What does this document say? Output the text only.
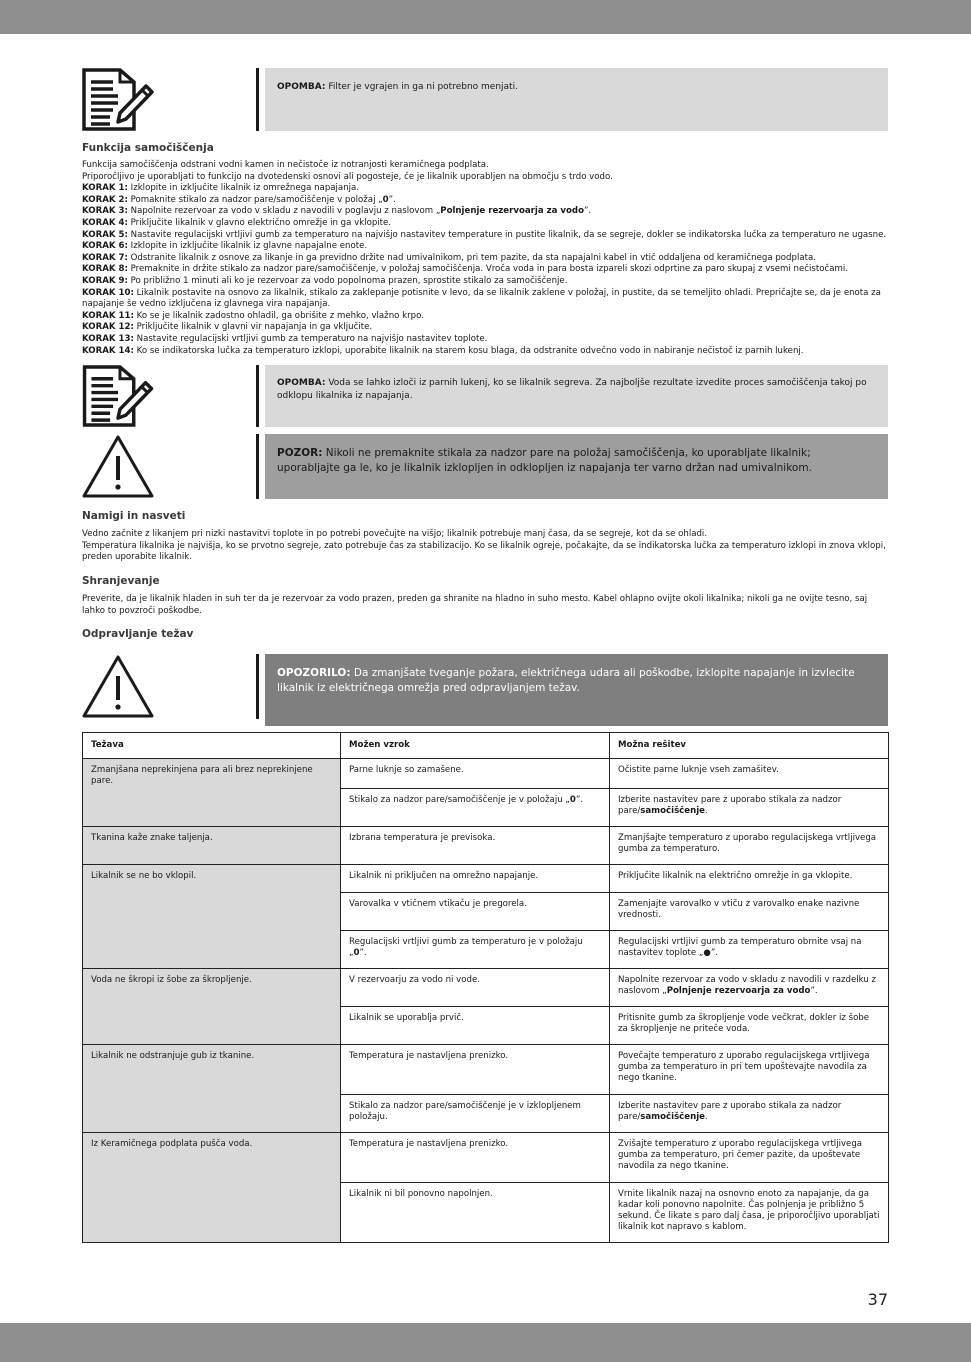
OPOMBA: Filter je vgrajen in ga ni potrebno menjati.
Funkcija samočiščenja
Funkcija samočiščenja odstrani vodni kamen in nečistoče iz notranjosti keramičnega podplata.
Priporočljivo je uporabljati to funkcijo na dvotedenski osnovi ali pogosteje, če je likalnik uporabljen na območju s trdo vodo.
KORAK 1: Izklopite in izključite likalnik iz omrežnega napajanja.
KORAK 2: Pomaknite stikalo za nadzor pare/samočiščenje v položaj „0”.
KORAK 3: Napolnite rezervoar za vodo v skladu z navodili v poglavju z naslovom „Polnjenje rezervoarja za vodo”.
KORAK 4: Priključite likalnik v glavno električno omrežje in ga vklopite.
KORAK 5: Nastavite regulacijski vrtljivi gumb za temperaturo na najvišjo nastavitev temperature in pustite likalnik, da se segreje, dokler se indikatorska lučka za temperaturo ne ugasne.
KORAK 6: Izklopite in izključite likalnik iz glavne napajalne enote.
KORAK 7: Odstranite likalnik z osnove za likanje in ga previdno držite nad umivalnikom, pri tem pazite, da sta napajalni kabel in vtič oddaljena od keramičnega podplata.
KORAK 8: Premaknite in držite stikalo za nadzor pare/samočiščenje, v položaj samočiščenja. Vroča voda in para bosta izpareli skozi odprtine za paro skupaj z vsemi nečistočami.
KORAK 9: Po približno 1 minuti ali ko je rezervoar za vodo popolnoma prazen, sprostite stikalo za samočiščenje.
KORAK 10: Likalnik postavite na osnovo za likalnik, stikalo za zaklepanje potisnite v levo, da se likalnik zaklene v položaj, in pustite, da se temeljito ohladi. Prepričajte se, da je enota za napajanje še vedno izključena iz glavnega vira napajanja.
KORAK 11: Ko se je likalnik zadostno ohladil, ga obrišite z mehko, vlažno krpo.
KORAK 12: Priključite likalnik v glavni vir napajanja in ga vključite.
KORAK 13: Nastavite regulacijski vrtljivi gumb za temperaturo na najvišjo nastavitev toplote.
KORAK 14: Ko se indikatorska lučka za temperaturo izklopi, uporabite likalnik na starem kosu blaga, da odstranite odvečno vodo in nabiranje nečistoč iz parnih lukenj.
OPOMBA: Voda se lahko izloči iz parnih lukenj, ko se likalnik segreva. Za najboljše rezultate izvedite proces samočiščenja takoj po odklopu likalnika iz napajanja.
POZOR: Nikoli ne premaknite stikala za nadzor pare na položaj samočiščenja, ko uporabljate likalnik; uporabljajte ga le, ko je likalnik izklopljen in odklopljen iz napajanja ter varno držan nad umivalnikom.
Namigi in nasveti
Vedno začnite z likanjem pri nizki nastavitvi toplote in po potrebi povečujte na višjo; likalnik potrebuje manj časa, da se segreje, kot da se ohladi.
Temperatura likalnika je najvišja, ko se prvotno segreje, zato potrebuje čas za stabilizacijo. Ko se likalnik ogreje, počakajte, da se indikatorska lučka za temperaturo izklopi in znova vklopi, preden uporabite likalnik.
Shranjevanje
Preverite, da je likalnik hladen in suh ter da je rezervoar za vodo prazen, preden ga shranite na hladno in suho mesto. Kabel ohlapno ovijte okoli likalnika; nikoli ga ne ovijte tesno, saj lahko to povzroči poškodbe.
Odpravljanje težav
OPOZORILO: Da zmanjšate tveganje požara, električnega udara ali poškodbe, izklopite napajanje in izvlecite likalnik iz električnega omrežja pred odpravljanjem težav.
Težava	Možen vzrok	Možna rešitev
Zmanjšana neprekinjena para ali brez neprekinjene pare.	Parne luknje so zamašene.	Očistite parne luknje vseh zamašitev.
	Stikalo za nadzor pare/samočiščenje je v položaju „0”.	Izberite nastavitev pare z uporabo stikala za nadzor pare/samočiščenje.
Tkanina kaže znake taljenja.	Izbrana temperatura je previsoka.	Zmanjšajte temperaturo z uporabo regulacijskega vrtljivega gumba za temperaturo.
Likalnik se ne bo vklopil.	Likalnik ni priključen na omrežno napajanje.	Priključite likalnik na električno omrežje in ga vklopite.
	Varovalka v vtičnem vtikaču je pregorela.	Zamenjajte varovalko v vtiču z varovalko enake nazivne vrednosti.
	Regulacijski vrtljivi gumb za temperaturo je v položaju „0”.	Regulacijski vrtljivi gumb za temperaturo obrnite vsaj na nastavitev toplote „●”.
Voda ne škropi iz šobe za škropljenje.	V rezervoarju za vodo ni vode.	Napolnite rezervoar za vodo v skladu z navodili v razdelku z naslovom „Polnjenje rezervoarja za vodo”.
	Likalnik se uporablja prvič.	Pritisnite gumb za škropljenje vode večkrat, dokler iz šobe za škropljenje ne priteče voda.
Likalnik ne odstranjuje gub iz tkanine.	Temperatura je nastavljena prenizko.	Povečajte temperaturo z uporabo regulacijskega vrtljivega gumba za temperaturo in pri tem upoštevajte navodila za nego tkanine.
	Stikalo za nadzor pare/samočiščenje je v izklopljenem položaju.	Izberite nastavitev pare z uporabo stikala za nadzor pare/samočiščenje.
Iz Keramičnega podplata pušča voda.	Temperatura je nastavljena prenizko.	Zvišajte temperaturo z uporabo regulacijskega vrtljivega gumba za temperaturo, pri čemer pazite, da upoštevate navodila za nego tkanine.
	Likalnik ni bil ponovno napolnjen.	Vrnite likalnik nazaj na osnovno enoto za napajanje, da ga kadar koli ponovno napolnite. Čas polnjenja je približno 5 sekund. Če likate s paro dalj časa, je priporočljivo uporabljati likalnik kot napravo s kablom.
37
